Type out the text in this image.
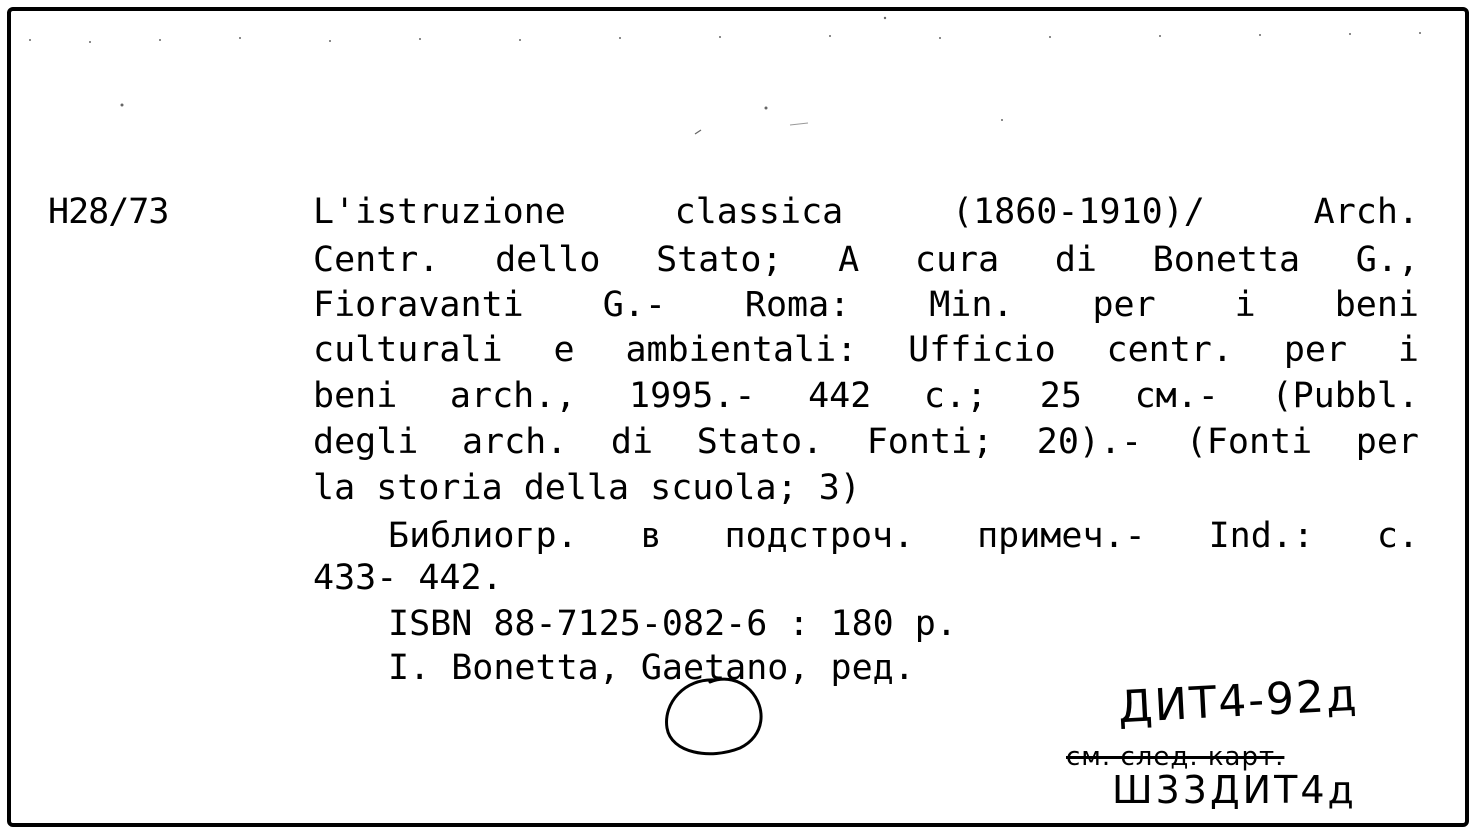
Н28/73	L'istruzione classica (1860-1910)/ Arch.
Centr. dello Stato; A cura di Bonetta G.,
Fioravanti G.- Roma: Min. per i beni
culturali e ambientali: Ufficio centr. per i
beni arch., 1995.- 442 с.; 25 см.- (Pubbl.
degli arch. di Stato. Fonti; 20).- (Fonti per
la storia della scuola; 3)
Библиогр. в подстроч. примеч.- Ind.: c.
433- 442.
ISBN 88-7125-082-6 : 180 р.
I. Bonetta, Gaetano, ред.
ДИТ4-92д
см. след. карт.
Ш33ДИТ4д
